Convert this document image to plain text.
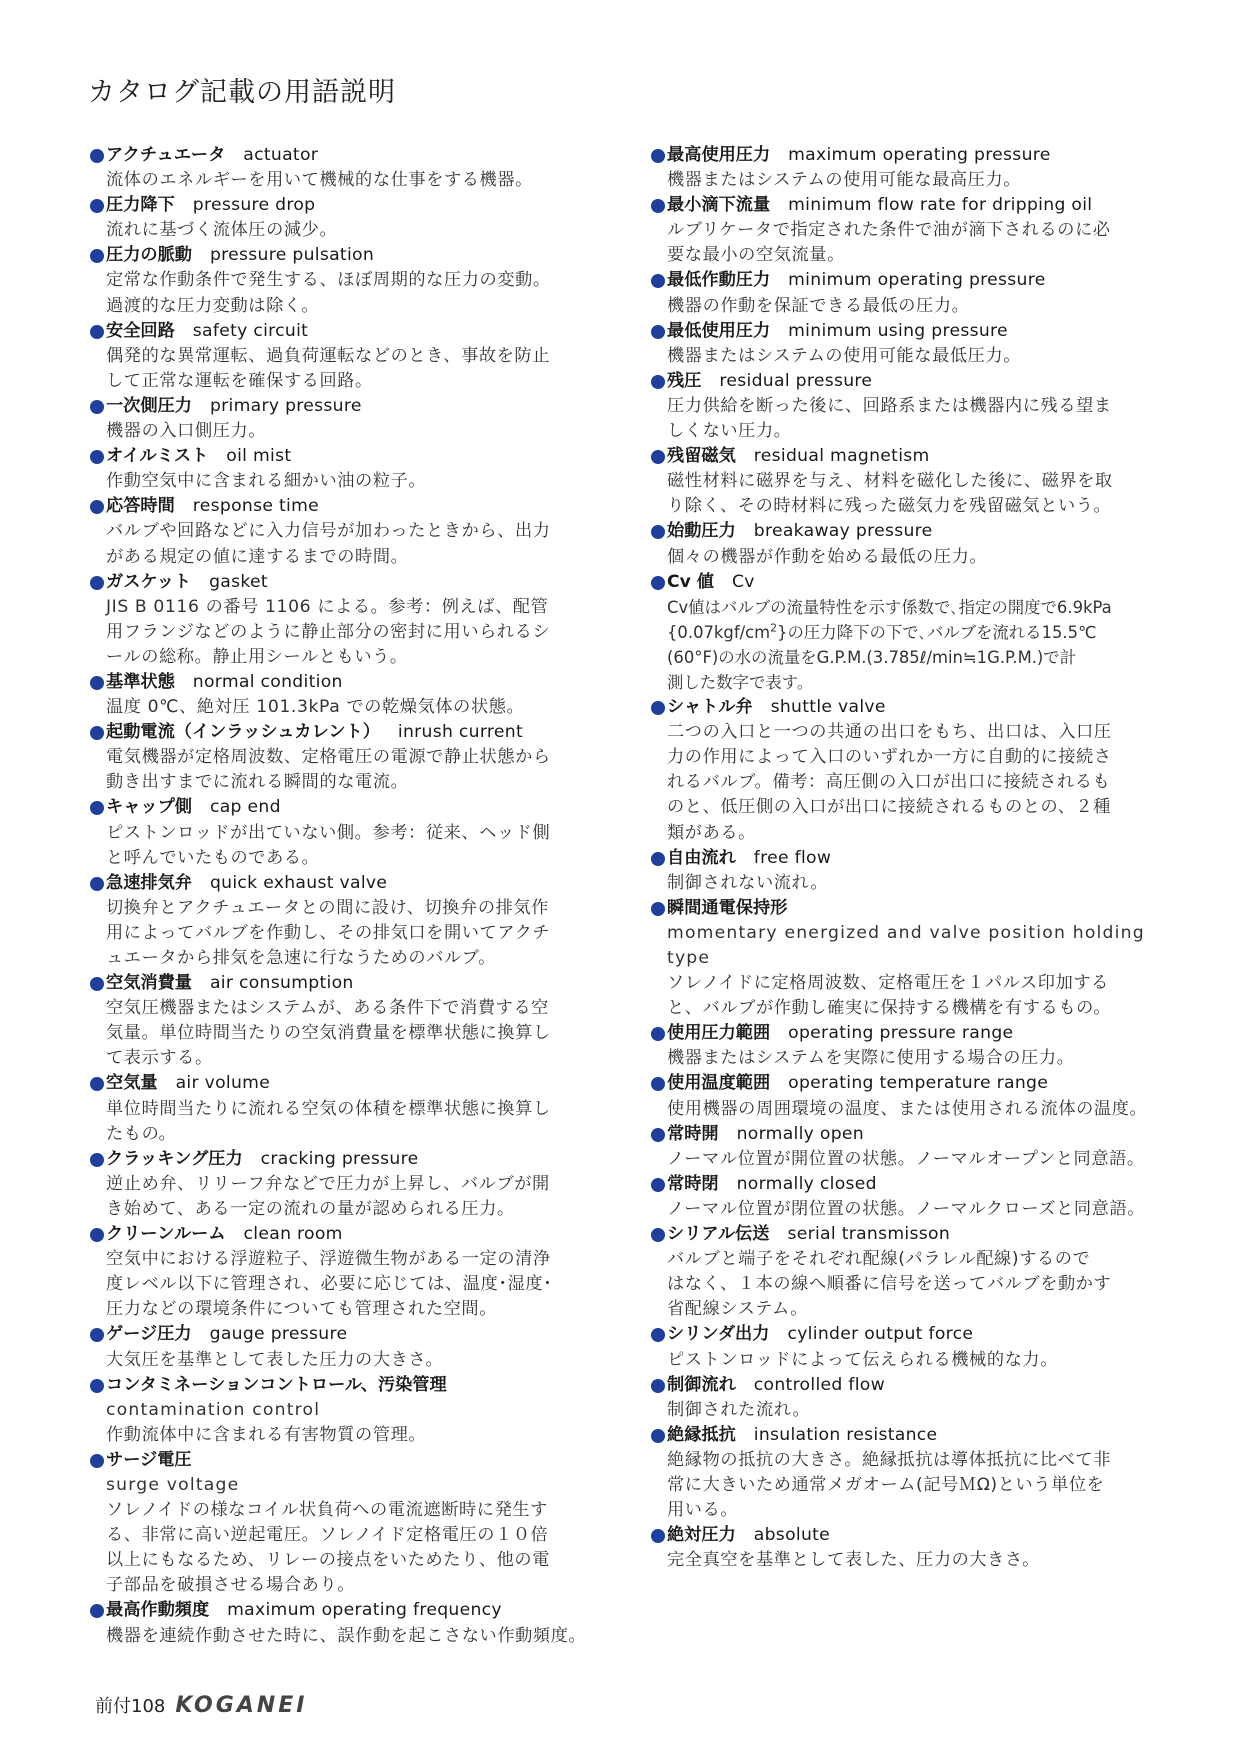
カタログ記載の用語説明
アクチュエータ actuator
流体のエネルギーを用いて機械的な仕事をする機器。
圧力降下 pressure drop
流れに基づく流体圧の減少。
圧力の脈動 pressure pulsation
定常な作動条件で発生する、ほぼ周期的な圧力の変動。
過渡的な圧力変動は除く。
安全回路 safety circuit
偶発的な異常運転、過負荷運転などのとき、事故を防止
して正常な運転を確保する回路。
一次側圧力 primary pressure
機器の入口側圧力。
オイルミスト oil mist
作動空気中に含まれる細かい油の粒子。
応答時間 response time
バルブや回路などに入力信号が加わったときから、出力
がある規定の値に達するまでの時間。
ガスケット gasket
JIS B 0116 の番号 1106 による。参考：例えば、配管
用フランジなどのように静止部分の密封に用いられるシ
ールの総称。静止用シールともいう。
基準状態 normal condition
温度 0℃、絶対圧 101.3kPa での乾燥気体の状態。
起動電流（インラッシュカレント） inrush current
電気機器が定格周波数、定格電圧の電源で静止状態から
動き出すまでに流れる瞬間的な電流。
キャップ側 cap end
ピストンロッドが出ていない側。参考：従来、ヘッド側
と呼んでいたものである。
急速排気弁 quick exhaust valve
切換弁とアクチュエータとの間に設け、切換弁の排気作
用によってバルブを作動し、その排気口を開いてアクチ
ュエータから排気を急速に行なうためのバルブ。
空気消費量 air consumption
空気圧機器またはシステムが、ある条件下で消費する空
気量。単位時間当たりの空気消費量を標準状態に換算し
て表示する。
空気量 air volume
単位時間当たりに流れる空気の体積を標準状態に換算し
たもの。
クラッキング圧力 cracking pressure
逆止め弁、リリーフ弁などで圧力が上昇し、バルブが開
き始めて、ある一定の流れの量が認められる圧力。
クリーンルーム clean room
空気中における浮遊粒子、浮遊微生物がある一定の清浄
度レベル以下に管理され、必要に応じては、温度･湿度･
圧力などの環境条件についても管理された空間。
ゲージ圧力 gauge pressure
大気圧を基準として表した圧力の大きさ。
コンタミネーションコントロール、汚染管理
contamination control
作動流体中に含まれる有害物質の管理。
サージ電圧
surge voltage
ソレノイドの様なコイル状負荷への電流遮断時に発生す
る、非常に高い逆起電圧。ソレノイド定格電圧の１０倍
以上にもなるため、リレーの接点をいためたり、他の電
子部品を破損させる場合あり。
最高作動頻度 maximum operating frequency
機器を連続作動させた時に、誤作動を起こさない作動頻度。
最高使用圧力 maximum operating pressure
機器またはシステムの使用可能な最高圧力。
最小滴下流量 minimum flow rate for dripping oil
ルブリケータで指定された条件で油が滴下されるのに必
要な最小の空気流量。
最低作動圧力 minimum operating pressure
機器の作動を保証できる最低の圧力。
最低使用圧力 minimum using pressure
機器またはシステムの使用可能な最低圧力。
残圧 residual pressure
圧力供給を断った後に、回路系または機器内に残る望ま
しくない圧力。
残留磁気 residual magnetism
磁性材料に磁界を与え、材料を磁化した後に、磁界を取
り除く、その時材料に残った磁気力を残留磁気という。
始動圧力 breakaway pressure
個々の機器が作動を始める最低の圧力。
Cv 値 Cv
Cv値はバルブの流量特性を示す係数で､指定の開度で6.9kPa
$\{0.07kgf/cm^2\}$の圧力降下の下で､バルブを流れる15.5℃
(60°F)の水の流量をG.P.M.(3.785ℓ/min≒1G.P.M.)で計
測した数字で表す。
シャトル弁 shuttle valve
二つの入口と一つの共通の出口をもち、出口は、入口圧
力の作用によって入口のいずれか一方に自動的に接続さ
れるバルブ。備考：高圧側の入口が出口に接続されるも
のと、低圧側の入口が出口に接続されるものとの、２種
類がある。
自由流れ free flow
制御されない流れ。
瞬間通電保持形
momentary energized and valve position holding type
ソレノイドに定格周波数、定格電圧を１パルス印加する
と、バルブが作動し確実に保持する機構を有するもの。
使用圧力範囲 operating pressure range
機器またはシステムを実際に使用する場合の圧力。
使用温度範囲 operating temperature range
使用機器の周囲環境の温度、または使用される流体の温度。
常時開 normally open
ノーマル位置が開位置の状態。ノーマルオープンと同意語。
常時閉 normally closed
ノーマル位置が閉位置の状態。ノーマルクローズと同意語。
シリアル伝送 serial transmisson
バルブと端子をそれぞれ配線(パラレル配線)するので
はなく、１本の線へ順番に信号を送ってバルブを動かす
省配線システム。
シリンダ出力 cylinder output force
ピストンロッドによって伝えられる機械的な力。
制御流れ controlled flow
制御された流れ。
絶縁抵抗 insulation resistance
絶縁物の抵抗の大きさ。絶縁抵抗は導体抵抗に比べて非
常に大きいため通常メガオーム(記号ＭΩ)という単位を
用いる。
絶対圧力 absolute
完全真空を基準として表した、圧力の大きさ。
前付108 KOGANEI
